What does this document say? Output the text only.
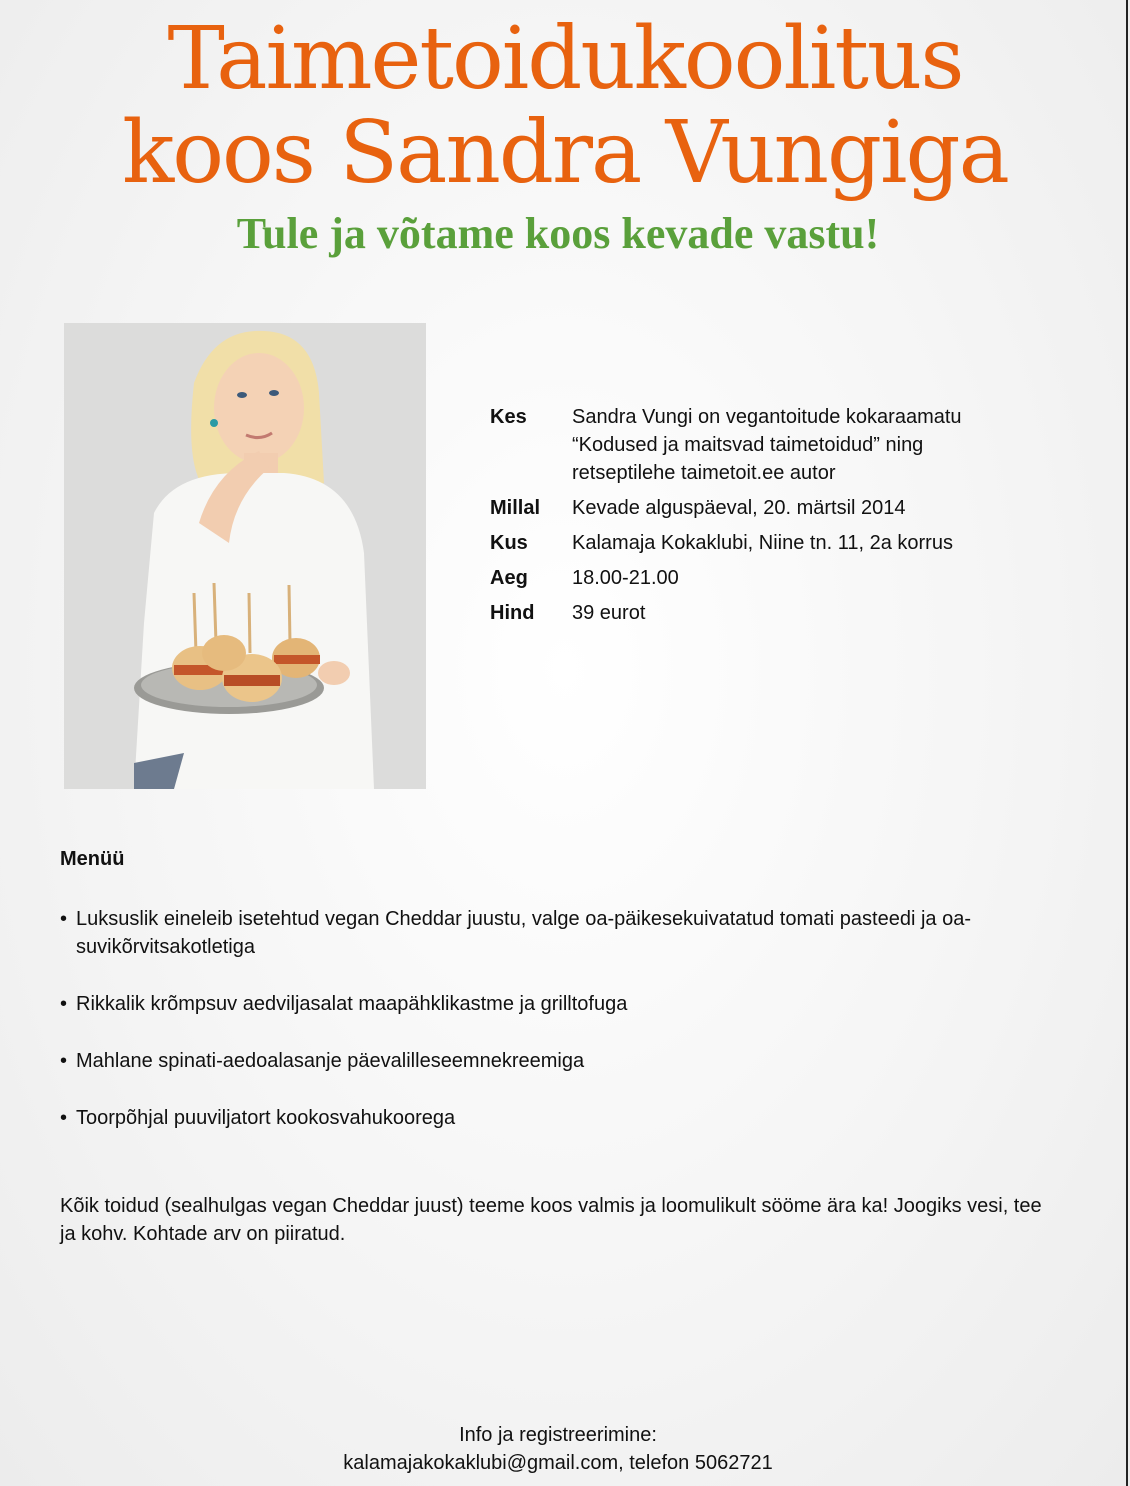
Taimetoidukoolitus
koos Sandra Vungiga
Tule ja võtame koos kevade vastu!
Kes	Sandra Vungi on vegantoitude kokaraamatu “Kodused ja maitsvad taimetoidud” ning retseptilehe taimetoit.ee autor
Millal	Kevade alguspäeval, 20. märtsil 2014
Kus	Kalamaja Kokaklubi, Niine tn. 11, 2a korrus
Aeg	18.00-21.00
Hind	39 eurot
Menüü
• Luksuslik eineleib isetehtud vegan Cheddar juustu, valge oa-päikesekuivatatud tomati pasteedi ja oa-suvikõrvitsakotletiga
• Rikkalik krõmpsuv aedviljasalat maapähklikastme ja grilltofuga
• Mahlane spinati-aedoalasanje päevalilleseemnekreemiga
• Toorpõhjal puuviljatort kookosvahukoorega

Kõik toidud (sealhulgas vegan Cheddar juust) teeme koos valmis ja loomulikult sööme ära ka! Joogiks vesi, tee ja kohv. Kohtade arv on piiratud.

Info ja registreerimine:
kalamajakokaklubi@gmail.com, telefon 5062721
